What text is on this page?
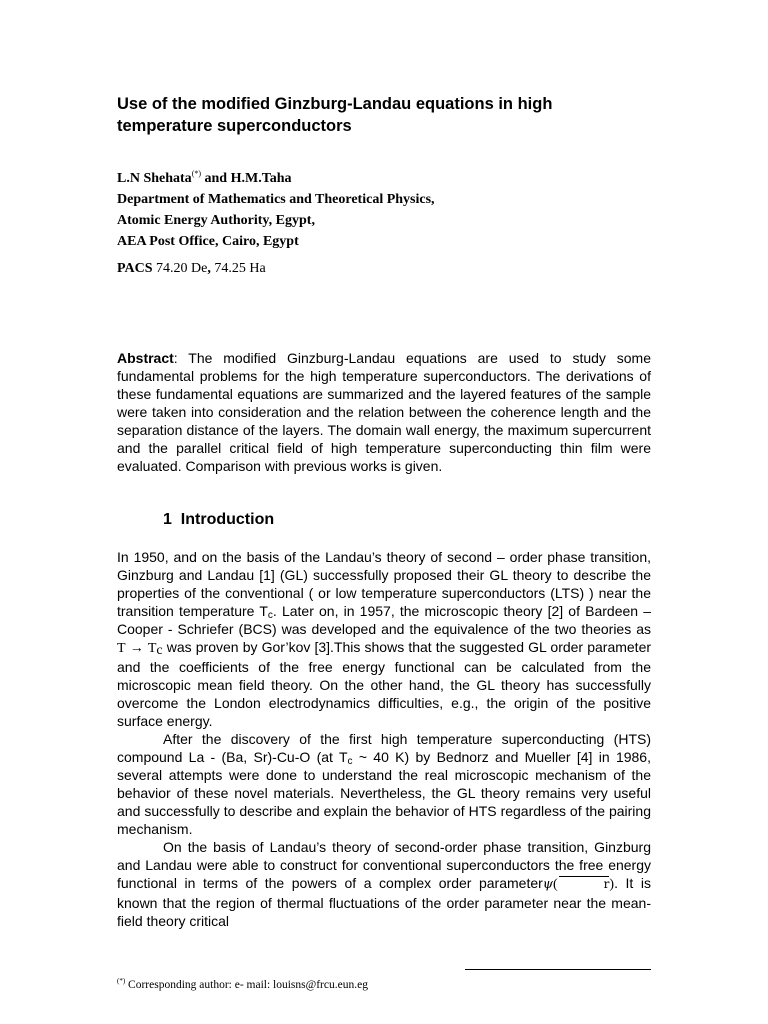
Use of the modified Ginzburg-Landau equations in high temperature superconductors
L.N Shehata(*) and H.M.Taha
Department of Mathematics and Theoretical Physics,
Atomic Energy Authority, Egypt,
AEA Post Office, Cairo, Egypt
PACS 74.20 De, 74.25 Ha

Abstract: The modified Ginzburg-Landau equations are used to study some fundamental problems for the high temperature superconductors. The derivations of these fundamental equations are summarized and the layered features of the sample were taken into consideration and the relation between the coherence length and the separation distance of the layers. The domain wall energy, the maximum supercurrent and the parallel critical field of high temperature superconducting thin film were evaluated. Comparison with previous works is given.

1 Introduction

In 1950, and on the basis of the Landau’s theory of second – order phase transition, Ginzburg and Landau [1] (GL) successfully proposed their GL theory to describe the properties of the conventional ( or low temperature superconductors (LTS) ) near the transition temperature $T_c$. Later on, in 1957, the microscopic theory [2] of Bardeen – Cooper - Schriefer (BCS) was developed and the equivalence of the two theories as T → Tc was proven by Gor’kov [3].This shows that the suggested GL order parameter and the coefficients of the free energy functional can be calculated from the microscopic mean field theory. On the other hand, the GL theory has successfully overcome the London electrodynamics difficulties, e.g., the origin of the positive surface energy.

After the discovery of the first high temperature superconducting (HTS) compound La - (Ba, Sr)-Cu-O (at $T_c$ ~ 40 K) by Bednorz and Mueller [4] in 1986, several attempts were done to understand the real microscopic mechanism of the behavior of these novel materials. Nevertheless, the GL theory remains very useful and successfully to describe and explain the behavior of HTS regardless of the pairing mechanism.

On the basis of Landau’s theory of second-order phase transition, Ginzburg and Landau were able to construct for conventional superconductors the free energy functional in terms of the powers of a complex order parameterψ(	r). It is known that the region of thermal fluctuations of the order parameter near the mean-field theory critical

(*) Corresponding author: e- mail: louisns@frcu.eun.eg
